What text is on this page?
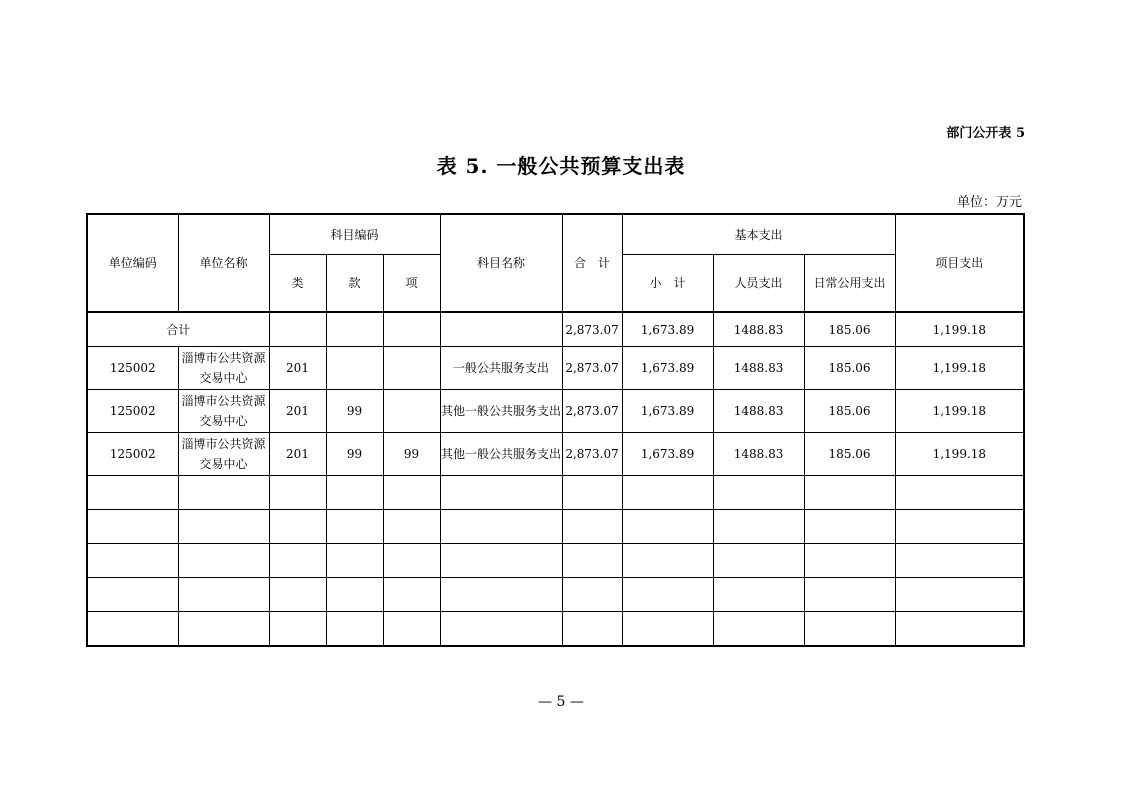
部门公开表 5
表 5. 一般公共预算支出表
单位：万元
单位编码	单位名称	科目编码			科目名称	合　计	基本支出			项目支出
		类	款	项			小　计	人员支出	日常公用支出	
合计						2,873.07	1,673.89	1488.83	185.06	1,199.18
125002	淄博市公共资源交易中心	201			一般公共服务支出	2,873.07	1,673.89	1488.83	185.06	1,199.18
125002	淄博市公共资源交易中心	201	99		其他一般公共服务支出	2,873.07	1,673.89	1488.83	185.06	1,199.18
125002	淄博市公共资源交易中心	201	99	99	其他一般公共服务支出	2,873.07	1,673.89	1488.83	185.06	1,199.18

— 5 —
